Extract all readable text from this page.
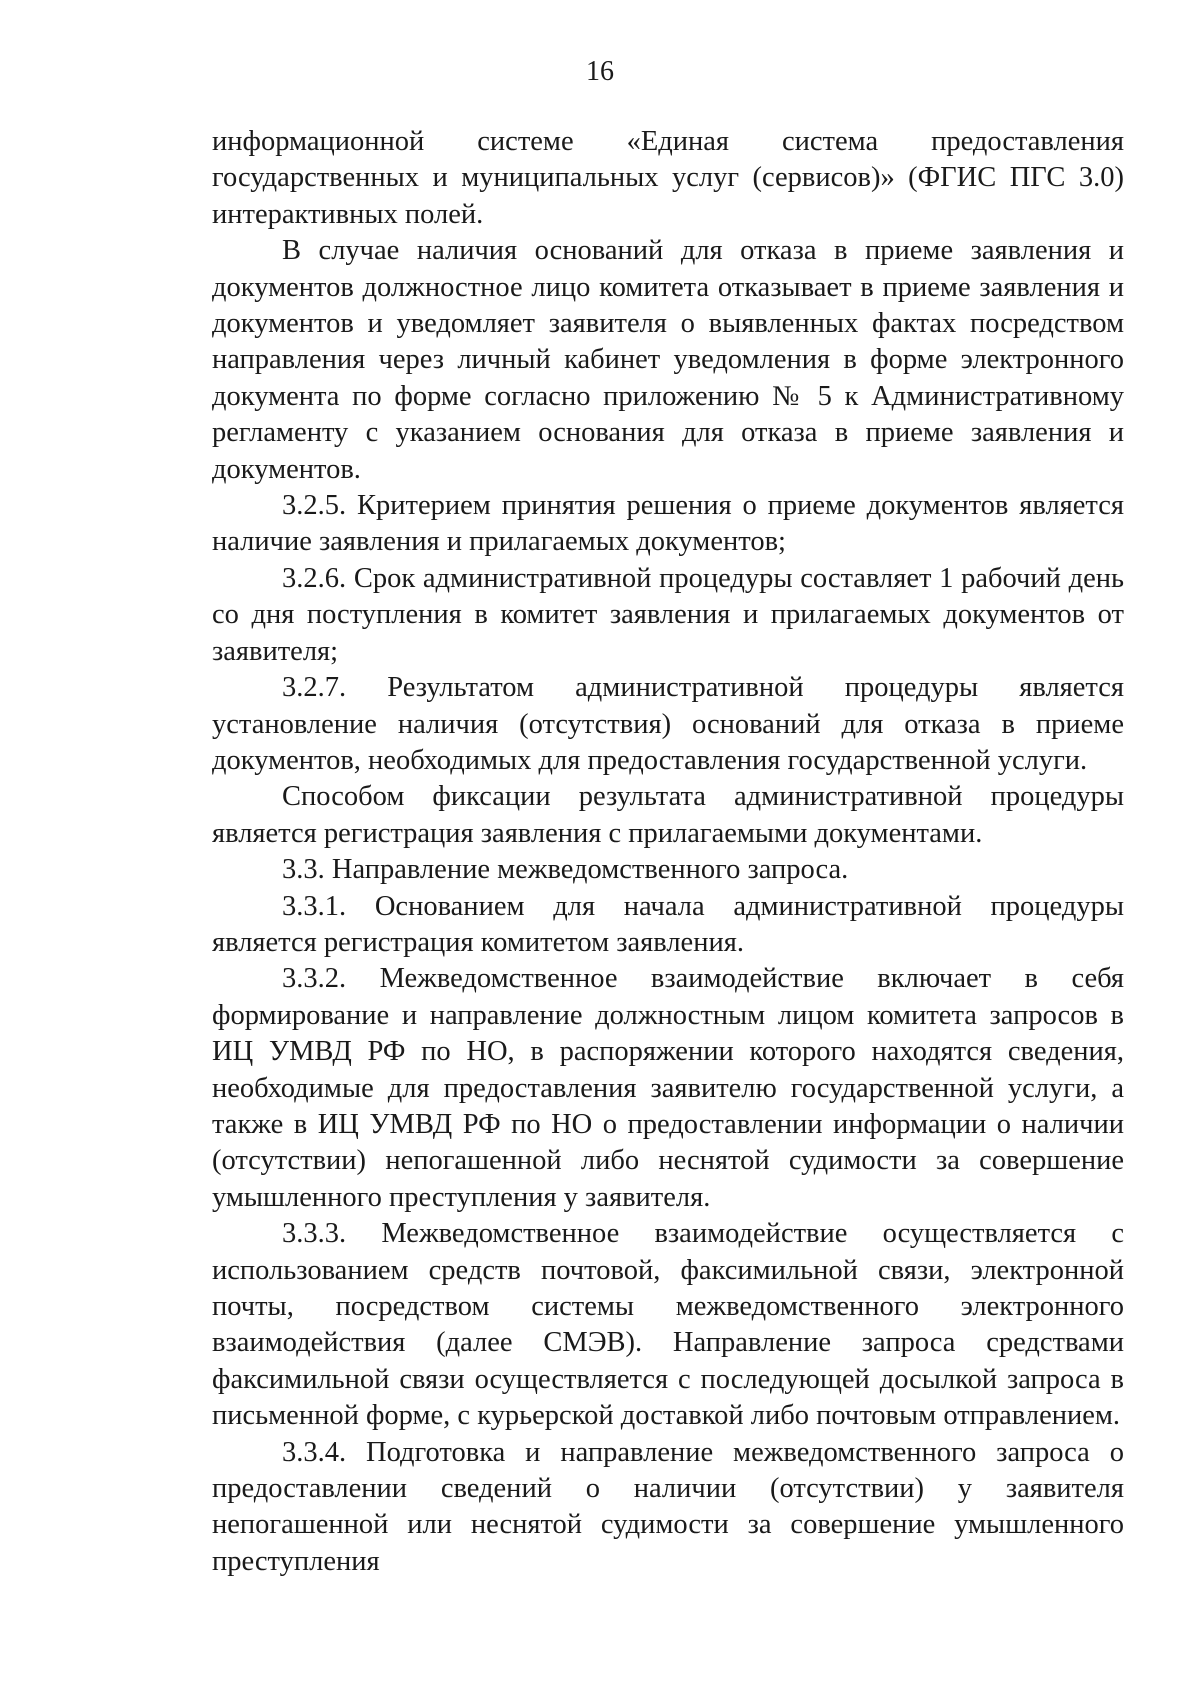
16

информационной системе «Единая система предоставления государственных и муниципальных услуг (сервисов)» (ФГИС ПГС 3.0) интерактивных полей.

В случае наличия оснований для отказа в приеме заявления и документов должностное лицо комитета отказывает в приеме заявления и документов и уведомляет заявителя о выявленных фактах посредством направления через личный кабинет уведомления в форме электронного документа по форме согласно приложению № 5 к Административному регламенту с указанием основания для отказа в приеме заявления и документов.

3.2.5. Критерием принятия решения о приеме документов является наличие заявления и прилагаемых документов;

3.2.6. Срок административной процедуры составляет 1 рабочий день со дня поступления в комитет заявления и прилагаемых документов от заявителя;

3.2.7. Результатом административной процедуры является установление наличия (отсутствия) оснований для отказа в приеме документов, необходимых для предоставления государственной услуги.

Способом фиксации результата административной процедуры является регистрация заявления с прилагаемыми документами.

3.3. Направление межведомственного запроса.

3.3.1. Основанием для начала административной процедуры является регистрация комитетом заявления.

3.3.2. Межведомственное взаимодействие включает в себя формирование и направление должностным лицом комитета запросов в ИЦ УМВД РФ по НО, в распоряжении которого находятся сведения, необходимые для предоставления заявителю государственной услуги, а также в ИЦ УМВД РФ по НО о предоставлении информации о наличии (отсутствии) непогашенной либо неснятой судимости за совершение умышленного преступления у заявителя.

3.3.3. Межведомственное взаимодействие осуществляется с использованием средств почтовой, факсимильной связи, электронной почты, посредством системы межведомственного электронного взаимодействия (далее СМЭВ). Направление запроса средствами факсимильной связи осуществляется с последующей досылкой запроса в письменной форме, с курьерской доставкой либо почтовым отправлением.

3.3.4. Подготовка и направление межведомственного запроса о предоставлении сведений о наличии (отсутствии) у заявителя непогашенной или неснятой судимости за совершение умышленного преступления
